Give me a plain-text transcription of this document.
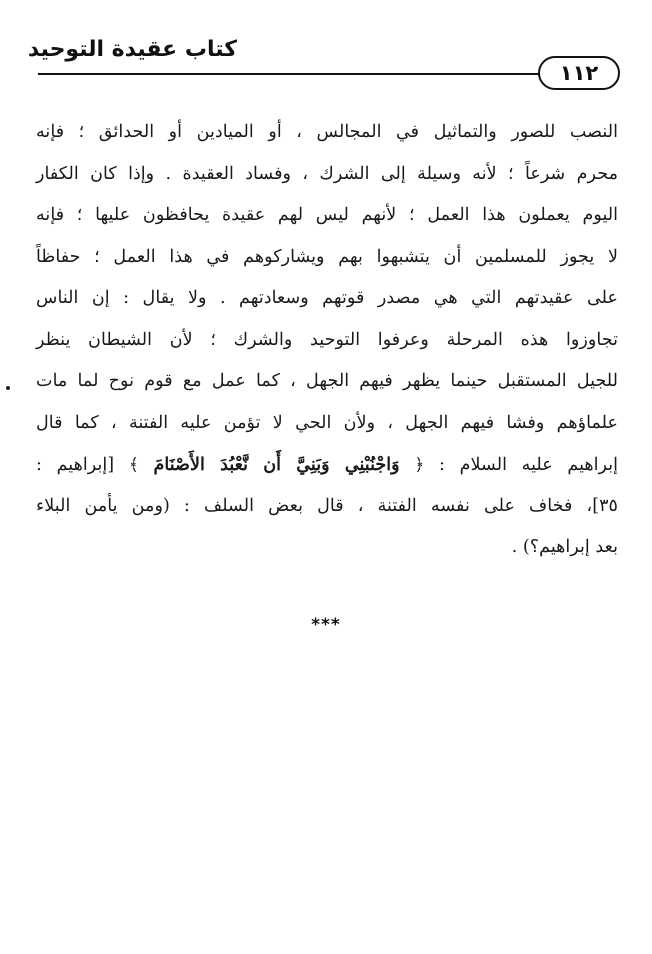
كتاب عقيدة التوحيد
١١٢
النصب للصور والتماثيل في المجالس ، أو الميادين أو الحدائق ؛ فإنه
محرم شرعاً ؛ لأنه وسيلة إلى الشرك ، وفساد العقيدة . وإذا كان الكفار
اليوم يعملون هذا العمل ؛ لأنهم ليس لهم عقيدة يحافظون عليها ؛ فإنه
لا يجوز للمسلمين أن يتشبهوا بهم ويشاركوهم في هذا العمل ؛ حفاظاً
على عقيدتهم التي هي مصدر قوتهم وسعادتهم . ولا يقال : إن الناس
تجاوزوا هذه المرحلة وعرفوا التوحيد والشرك ؛ لأن الشيطان ينظر
للجيل المستقبل حينما يظهر فيهم الجهل ، كما عمل مع قوم نوح لما مات
علماؤهم وفشا فيهم الجهل ، ولأن الحي لا تؤمن عليه الفتنة ، كما قال
إبراهيم عليه السلام : ﴿ وَاجْنُبْنِي وَبَنِيَّ أَن نَّعْبُدَ الأَصْنَامَ ﴾ [إبراهيم :
٣٥]، فخاف على نفسه الفتنة ، قال بعض السلف : (ومن يأمن البلاء
بعد إبراهيم؟) .
***
